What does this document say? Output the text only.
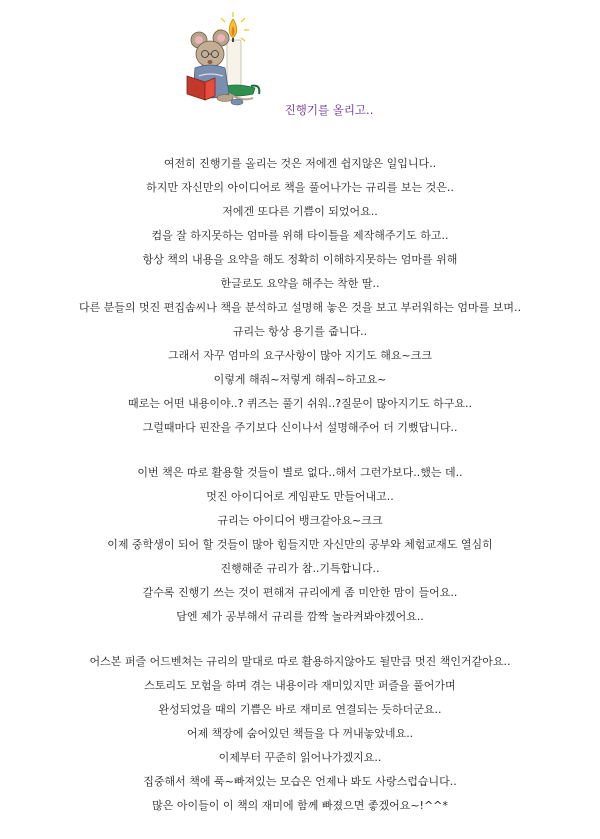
진행기를 올리고..
여전히 진행기를 올리는 것은 저에겐 쉽지않은 일입니다..
하지만 자신만의 아이디어로 책을 풀어나가는 규리를 보는 것은..
저에겐 또다른 기쁨이 되었어요..
컴을 잘 하지못하는 엄마를 위해 타이틀을 제작해주기도 하고..
항상 책의 내용을 요약을 해도 정확히 이해하지못하는 엄마를 위해
한글로도 요약을 해주는 착한 딸..
다른 분들의 멋진 편집솜씨나 책을 분석하고 설명해 놓은 것을 보고 부러워하는 엄마를 보며..
규리는 항상 용기를 줍니다..
그래서 자꾸 엄마의 요구사항이 많아 지기도 해요~크크
이렇게 해줘~저렇게 해줘~하고요~
때로는 어떤 내용이야..? 퀴즈는 풀기 쉬워..?질문이 많아지기도 하구요..
그럴때마다 핀잔을 주기보다 신이나서 설명해주어 더 기뻤답니다..
이번 책은 따로 활용할 것들이 별로 없다..해서 그런가보다..했는 데..
멋진 아이디어로 게임판도 만들어내고..
규리는 아이디어 뱅크같아요~크크
이제 중학생이 되어 할 것들이 많아 힘들지만 자신만의 공부와 체험교재도 열심히
진행해준 규리가 참..기특합니다..
갈수록 진행기 쓰는 것이 편해져 규리에게 좀 미안한 맘이 들어요..
담엔 제가 공부해서 규리를 깜짝 놀라켜봐야겠어요..
어스본 퍼즐 어드벤쳐는 규리의 말대로 따로 활용하지않아도 될만큼 멋진 책인거같아요..
스토리도 모험을 하며 겪는 내용이라 재미있지만 퍼즐을 풀어가며
완성되었을 때의 기쁨은 바로 재미로 연결되는 듯하더군요..
어제 책장에 숨어있던 책들을 다 꺼내놓았네요..
이제부터 꾸준히 읽어나가겠지요..
집중해서 책에 푹~빠져있는 모습은 언제나 봐도 사랑스럽습니다..
많은 아이들이 이 책의 재미에 함께 빠졌으면 좋겠어요~!^^*
